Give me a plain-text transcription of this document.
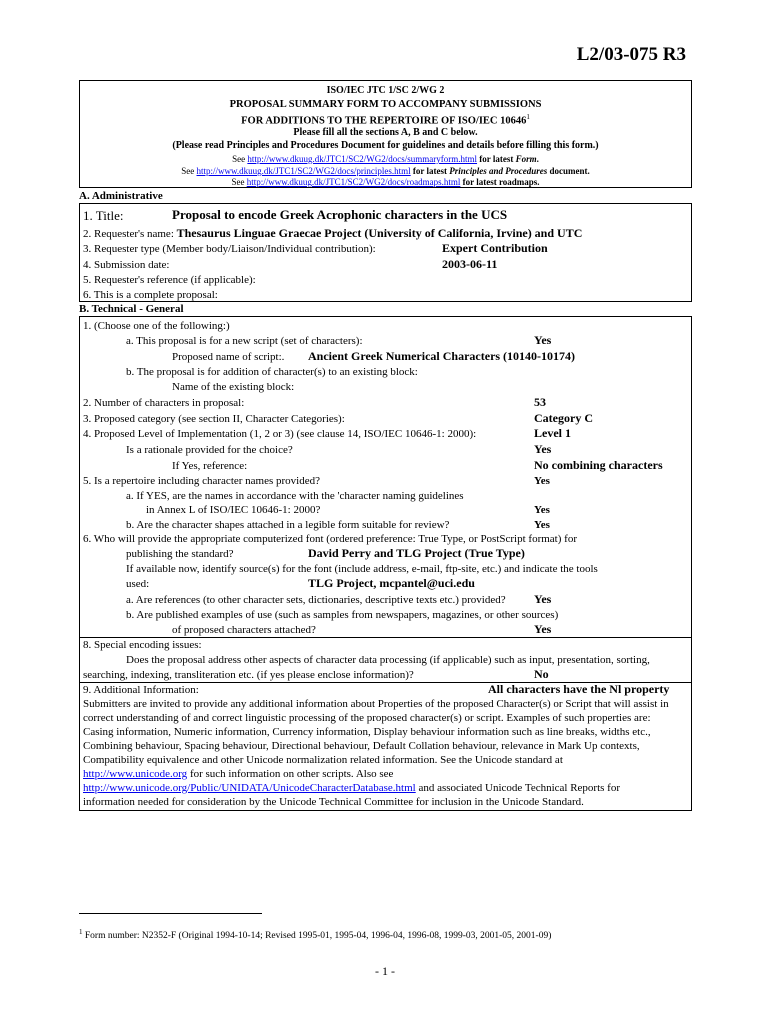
L2/03-075 R3
ISO/IEC JTC 1/SC 2/WG 2
PROPOSAL SUMMARY FORM TO ACCOMPANY SUBMISSIONS
FOR ADDITIONS TO THE REPERTOIRE OF ISO/IEC 10646$^1$
Please fill all the sections A, B and C below.
(Please read Principles and Procedures Document for guidelines and details before filling this form.)
See http://www.dkuug.dk/JTC1/SC2/WG2/docs/summaryform.html for latest Form.
See http://www.dkuug.dk/JTC1/SC2/WG2/docs/principles.html for latest Principles and Procedures document.
See http://www.dkuug.dk/JTC1/SC2/WG2/docs/roadmaps.html for latest roadmaps.
A. Administrative
1. Title:	Proposal to encode Greek Acrophonic characters in the UCS
2. Requester's name: Thesaurus Linguae Graecae Project (University of California, Irvine) and UTC
3. Requester type (Member body/Liaison/Individual contribution):	Expert Contribution
4. Submission date:	2003-06-11
5. Requester's reference (if applicable):
6. This is a complete proposal:
B. Technical - General
1. (Choose one of the following:)
a. This proposal is for a new script (set of characters):	Yes
Proposed name of script:. Ancient Greek Numerical Characters (10140-10174)
b. The proposal is for addition of character(s) to an existing block:
Name of the existing block:
2. Number of characters in proposal:	53
3. Proposed category (see section II, Character Categories):	Category C
4. Proposed Level of Implementation (1, 2 or 3) (see clause 14, ISO/IEC 10646-1: 2000):	Level 1
Is a rationale provided for the choice?	Yes
If Yes, reference:	No combining characters
5. Is a repertoire including character names provided?	Yes
a. If YES, are the names in accordance with the 'character naming guidelines
in Annex L of ISO/IEC 10646-1: 2000?	Yes
b. Are the character shapes attached in a legible form suitable for review?	Yes
6. Who will provide the appropriate computerized font (ordered preference: True Type, or PostScript format) for
publishing the standard?	David Perry and TLG Project (True Type)
If available now, identify source(s) for the font (include address, e-mail, ftp-site, etc.) and indicate the tools
used:	TLG Project, mcpantel@uci.edu
a. Are references (to other character sets, dictionaries, descriptive texts etc.) provided? Yes
b. Are published examples of use (such as samples from newspapers, magazines, or other sources)
of proposed characters attached?	Yes
8. Special encoding issues:
Does the proposal address other aspects of character data processing (if applicable) such as input, presentation, sorting,
searching, indexing, transliteration etc. (if yes please enclose information)?	No
9. Additional Information:	All characters have the Nl property
Submitters are invited to provide any additional information about Properties of the proposed Character(s) or Script that will assist in
correct understanding of and correct linguistic processing of the proposed character(s) or script. Examples of such properties are:
Casing information, Numeric information, Currency information, Display behaviour information such as line breaks, widths etc.,
Combining behaviour, Spacing behaviour, Directional behaviour, Default Collation behaviour, relevance in Mark Up contexts,
Compatibility equivalence and other Unicode normalization related information. See the Unicode standard at
http://www.unicode.org for such information on other scripts. Also see
http://www.unicode.org/Public/UNIDATA/UnicodeCharacterDatabase.html and associated Unicode Technical Reports for
information needed for consideration by the Unicode Technical Committee for inclusion in the Unicode Standard.
$^1$ Form number: N2352-F (Original 1994-10-14; Revised 1995-01, 1995-04, 1996-04, 1996-08, 1999-03, 2001-05, 2001-09)
- 1 -
